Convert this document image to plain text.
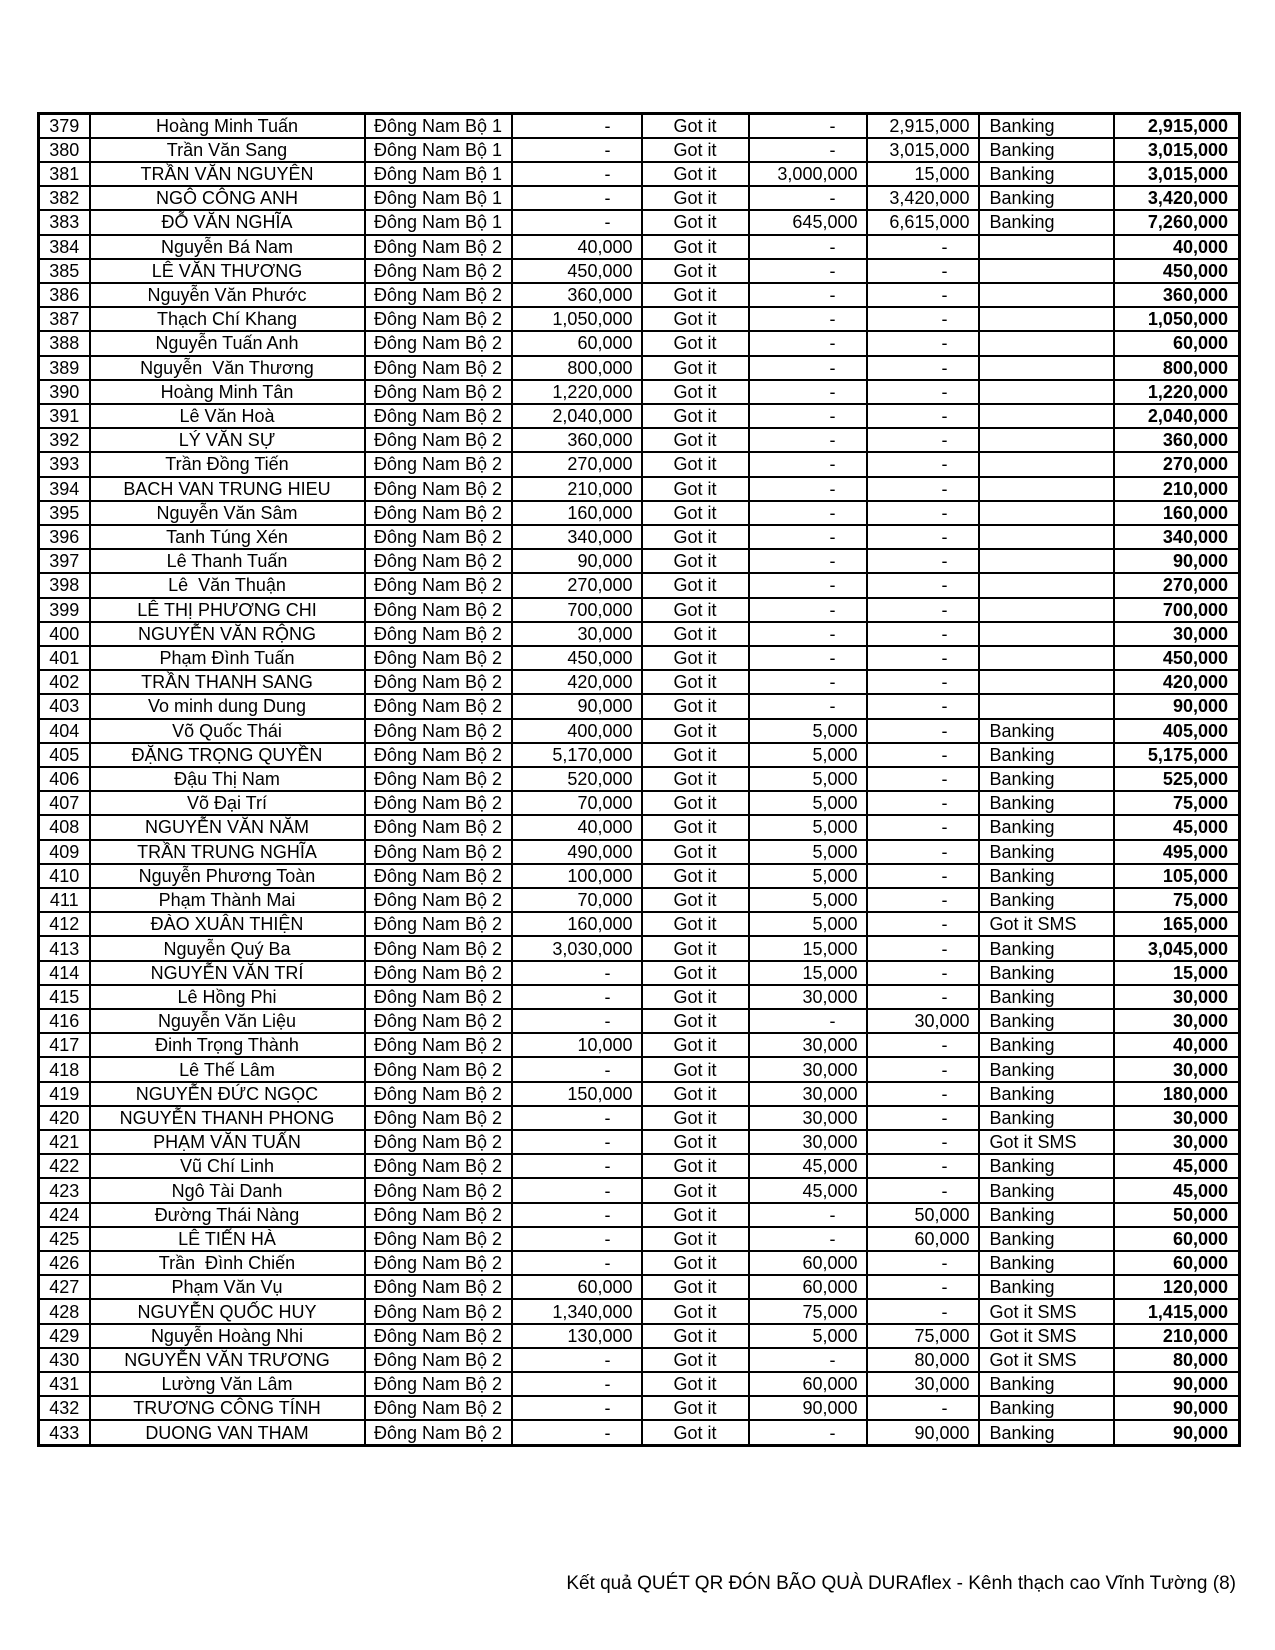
379	Hoàng Minh Tuấn	Đông Nam Bộ 1	-	Got it	-	2,915,000	Banking	2,915,000
380	Trần Văn Sang	Đông Nam Bộ 1	-	Got it	-	3,015,000	Banking	3,015,000
381	TRẦN VĂN NGUYÊN	Đông Nam Bộ 1	-	Got it	3,000,000	15,000	Banking	3,015,000
382	NGÔ CÔNG ANH	Đông Nam Bộ 1	-	Got it	-	3,420,000	Banking	3,420,000
383	ĐỖ VĂN NGHĨA	Đông Nam Bộ 1	-	Got it	645,000	6,615,000	Banking	7,260,000
384	Nguyễn Bá Nam	Đông Nam Bộ 2	40,000	Got it	-	-		40,000
385	LÊ VĂN THƯƠNG	Đông Nam Bộ 2	450,000	Got it	-	-		450,000
386	Nguyễn Văn Phước	Đông Nam Bộ 2	360,000	Got it	-	-		360,000
387	Thạch Chí Khang	Đông Nam Bộ 2	1,050,000	Got it	-	-		1,050,000
388	Nguyễn Tuấn Anh	Đông Nam Bộ 2	60,000	Got it	-	-		60,000
389	Nguyễn  Văn Thương	Đông Nam Bộ 2	800,000	Got it	-	-		800,000
390	Hoàng Minh Tân	Đông Nam Bộ 2	1,220,000	Got it	-	-		1,220,000
391	Lê Văn Hoà	Đông Nam Bộ 2	2,040,000	Got it	-	-		2,040,000
392	LÝ VĂN SỰ	Đông Nam Bộ 2	360,000	Got it	-	-		360,000
393	Trần Đồng Tiến	Đông Nam Bộ 2	270,000	Got it	-	-		270,000
394	BACH VAN TRUNG HIEU	Đông Nam Bộ 2	210,000	Got it	-	-		210,000
395	Nguyễn Văn Sâm	Đông Nam Bộ 2	160,000	Got it	-	-		160,000
396	Tanh Túng Xén	Đông Nam Bộ 2	340,000	Got it	-	-		340,000
397	Lê Thanh Tuấn	Đông Nam Bộ 2	90,000	Got it	-	-		90,000
398	Lê  Văn Thuận	Đông Nam Bộ 2	270,000	Got it	-	-		270,000
399	LÊ THỊ PHƯƠNG CHI	Đông Nam Bộ 2	700,000	Got it	-	-		700,000
400	NGUYỄN VĂN RỘNG	Đông Nam Bộ 2	30,000	Got it	-	-		30,000
401	Phạm Đình Tuấn	Đông Nam Bộ 2	450,000	Got it	-	-		450,000
402	TRẦN THANH SANG	Đông Nam Bộ 2	420,000	Got it	-	-		420,000
403	Vo minh dung Dung	Đông Nam Bộ 2	90,000	Got it	-	-		90,000
404	Võ Quốc Thái	Đông Nam Bộ 2	400,000	Got it	5,000	-	Banking	405,000
405	ĐẶNG TRỌNG QUYỀN	Đông Nam Bộ 2	5,170,000	Got it	5,000	-	Banking	5,175,000
406	Đậu Thị Nam	Đông Nam Bộ 2	520,000	Got it	5,000	-	Banking	525,000
407	Võ Đại Trí	Đông Nam Bộ 2	70,000	Got it	5,000	-	Banking	75,000
408	NGUYỄN VĂN NĂM	Đông Nam Bộ 2	40,000	Got it	5,000	-	Banking	45,000
409	TRẦN TRUNG NGHĨA	Đông Nam Bộ 2	490,000	Got it	5,000	-	Banking	495,000
410	Nguyễn Phương Toàn	Đông Nam Bộ 2	100,000	Got it	5,000	-	Banking	105,000
411	Phạm Thành Mai	Đông Nam Bộ 2	70,000	Got it	5,000	-	Banking	75,000
412	ĐÀO XUÂN THIỆN	Đông Nam Bộ 2	160,000	Got it	5,000	-	Got it SMS	165,000
413	Nguyễn Quý Ba	Đông Nam Bộ 2	3,030,000	Got it	15,000	-	Banking	3,045,000
414	NGUYỄN VĂN TRÍ	Đông Nam Bộ 2	-	Got it	15,000	-	Banking	15,000
415	Lê Hồng Phi	Đông Nam Bộ 2	-	Got it	30,000	-	Banking	30,000
416	Nguyễn Văn Liệu	Đông Nam Bộ 2	-	Got it	-	30,000	Banking	30,000
417	Đinh Trọng Thành	Đông Nam Bộ 2	10,000	Got it	30,000	-	Banking	40,000
418	Lê Thế Lâm	Đông Nam Bộ 2	-	Got it	30,000	-	Banking	30,000
419	NGUYỄN ĐỨC NGỌC	Đông Nam Bộ 2	150,000	Got it	30,000	-	Banking	180,000
420	NGUYỄN THANH PHONG	Đông Nam Bộ 2	-	Got it	30,000	-	Banking	30,000
421	PHẠM VĂN TUẤN	Đông Nam Bộ 2	-	Got it	30,000	-	Got it SMS	30,000
422	Vũ Chí Linh	Đông Nam Bộ 2	-	Got it	45,000	-	Banking	45,000
423	Ngô Tài Danh	Đông Nam Bộ 2	-	Got it	45,000	-	Banking	45,000
424	Đường Thái Nàng	Đông Nam Bộ 2	-	Got it	-	50,000	Banking	50,000
425	LÊ TIẾN HÀ	Đông Nam Bộ 2	-	Got it	-	60,000	Banking	60,000
426	Trần  Đình Chiến	Đông Nam Bộ 2	-	Got it	60,000	-	Banking	60,000
427	Phạm Văn Vụ	Đông Nam Bộ 2	60,000	Got it	60,000	-	Banking	120,000
428	NGUYỄN QUỐC HUY	Đông Nam Bộ 2	1,340,000	Got it	75,000	-	Got it SMS	1,415,000
429	Nguyễn Hoàng Nhi	Đông Nam Bộ 2	130,000	Got it	5,000	75,000	Got it SMS	210,000
430	NGUYỄN VĂN TRƯƠNG	Đông Nam Bộ 2	-	Got it	-	80,000	Got it SMS	80,000
431	Lường Văn Lâm	Đông Nam Bộ 2	-	Got it	60,000	30,000	Banking	90,000
432	TRƯƠNG CÔNG TÍNH	Đông Nam Bộ 2	-	Got it	90,000	-	Banking	90,000
433	DUONG VAN THAM	Đông Nam Bộ 2	-	Got it	-	90,000	Banking	90,000
Kết quả QUÉT QR ĐÓN BÃO QUÀ DURAflex - Kênh thạch cao Vĩnh Tường (8)
